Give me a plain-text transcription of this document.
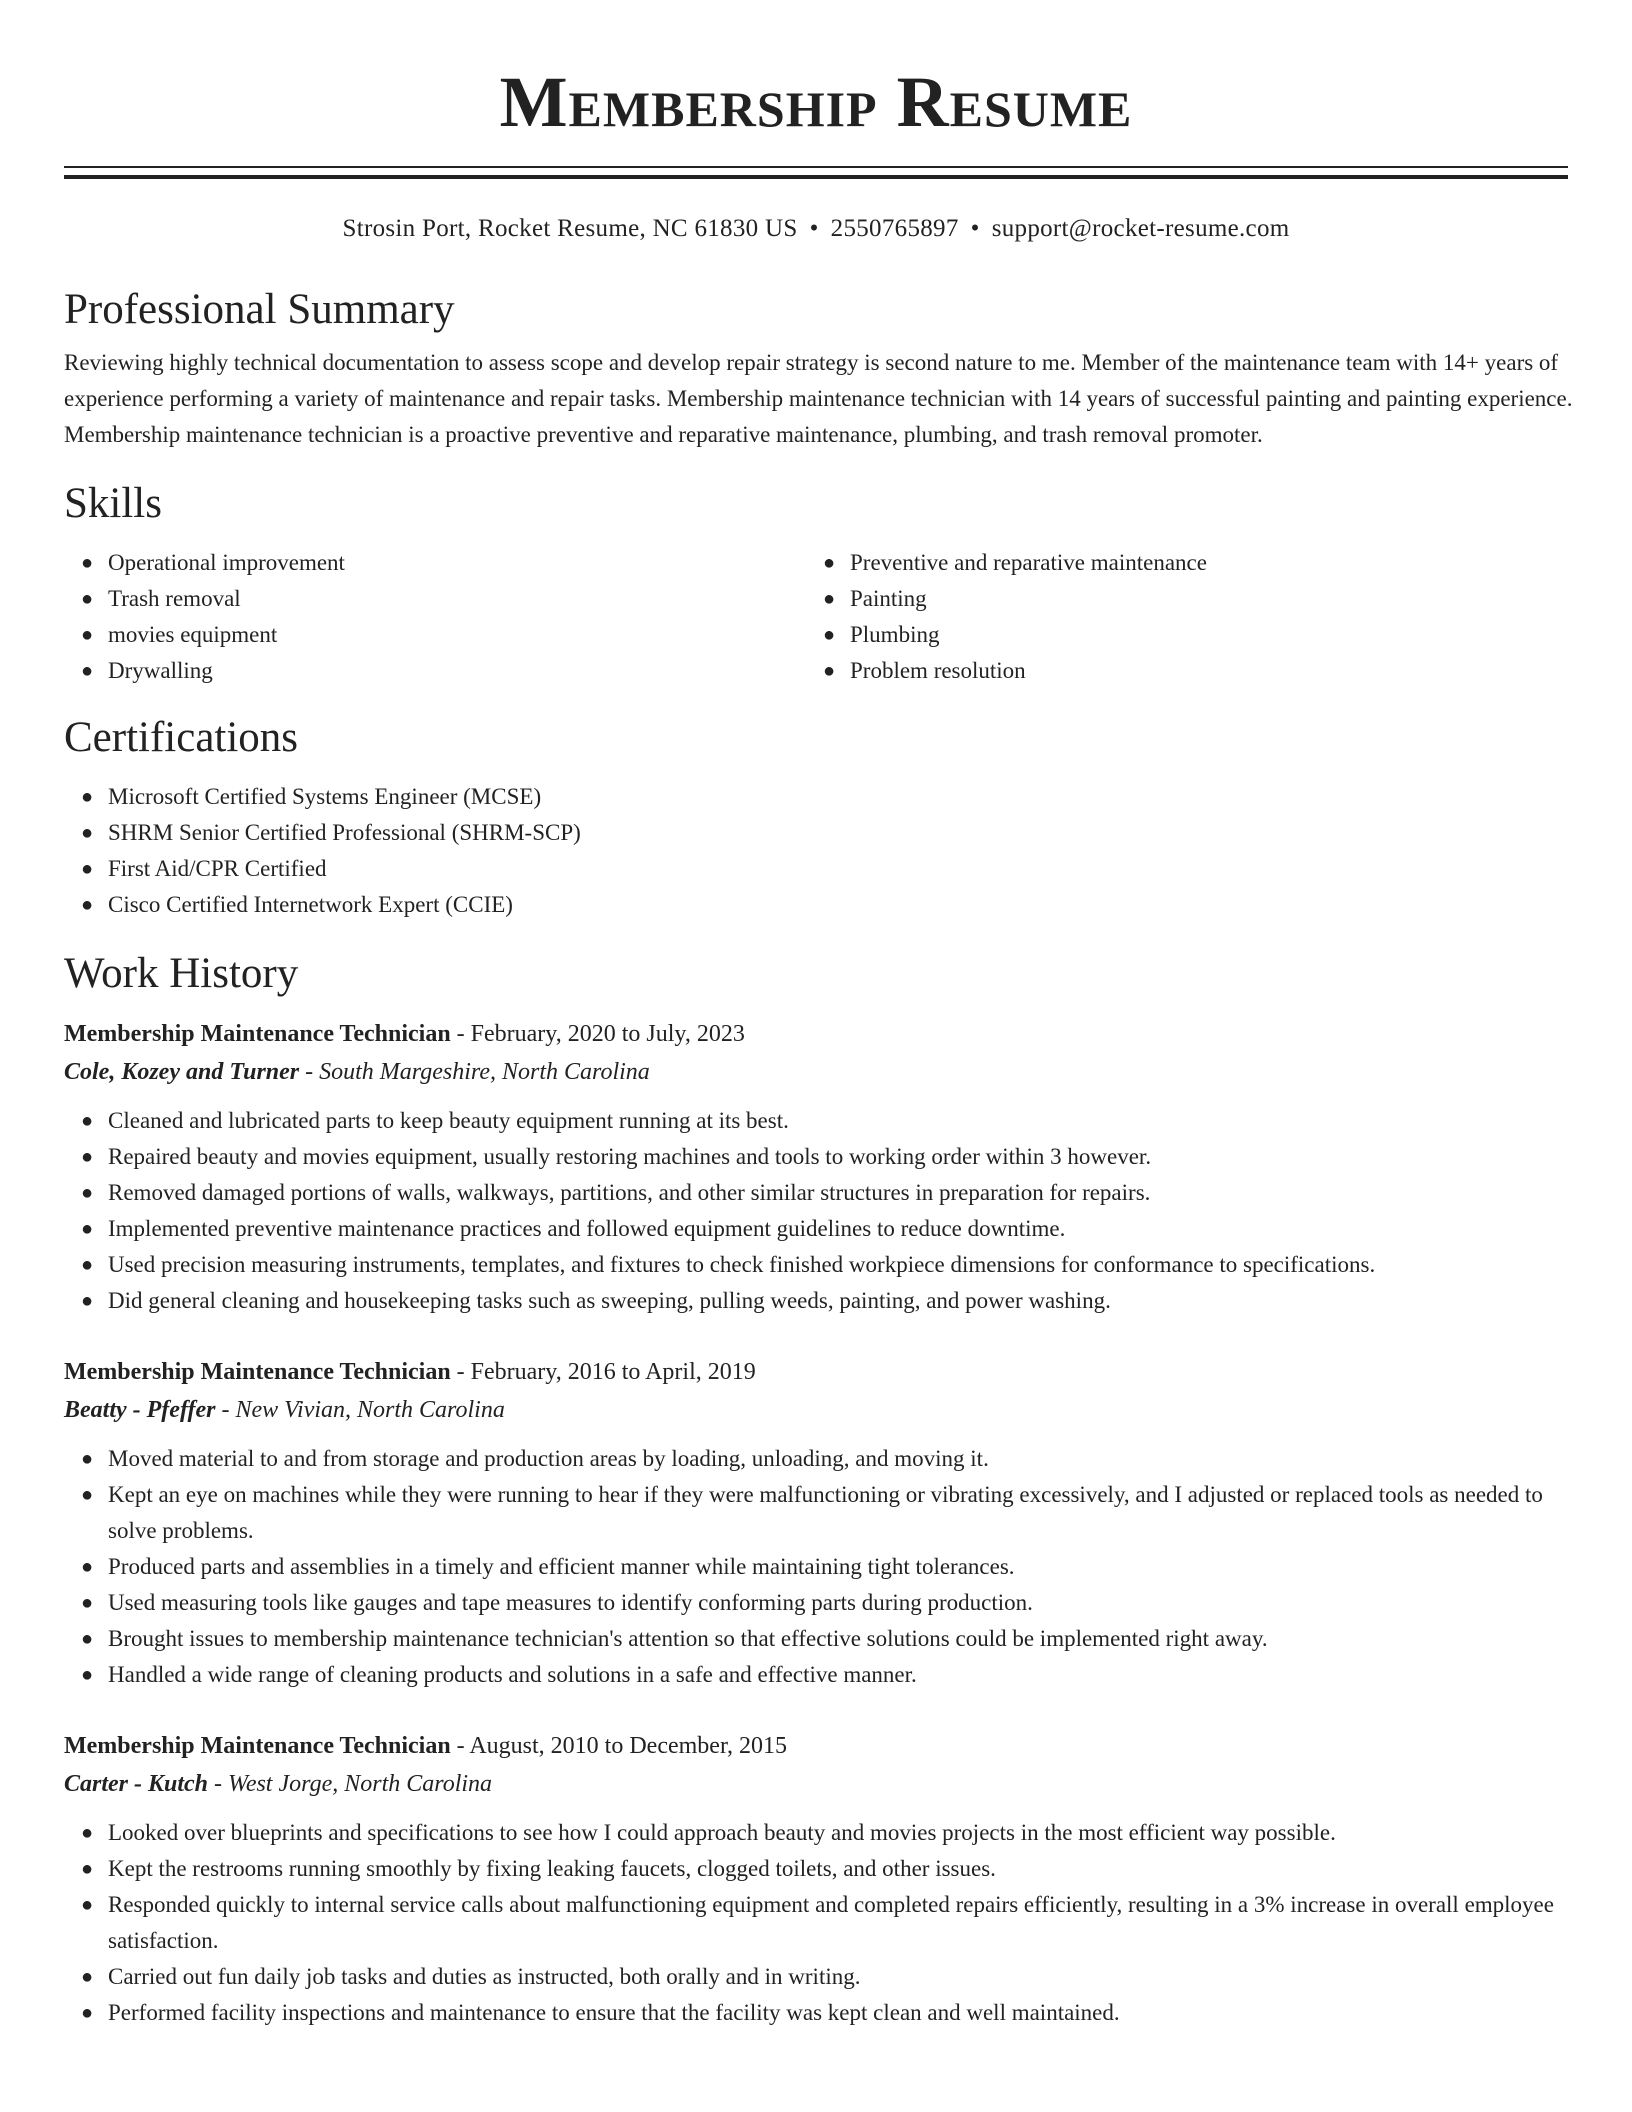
Membership Resume
Strosin Port, Rocket Resume, NC 61830 US • 2550765897 • support@rocket-resume.com
Professional Summary

Reviewing highly technical documentation to assess scope and develop repair strategy is second nature to me. Member of the maintenance team with 14+ years of experience performing a variety of maintenance and repair tasks. Membership maintenance technician with 14 years of successful painting and painting experience. Membership maintenance technician is a proactive preventive and reparative maintenance, plumbing, and trash removal promoter.

Skills
● Operational improvement
● Trash removal
● movies equipment
● Drywalling
● Preventive and reparative maintenance
● Painting
● Plumbing
● Problem resolution
Certifications
● Microsoft Certified Systems Engineer (MCSE)
● SHRM Senior Certified Professional (SHRM-SCP)
● First Aid/CPR Certified
● Cisco Certified Internetwork Expert (CCIE)
Work History
Membership Maintenance Technician - February, 2020 to July, 2023
Cole, Kozey and Turner - South Margeshire, North Carolina
● Cleaned and lubricated parts to keep beauty equipment running at its best.
● Repaired beauty and movies equipment, usually restoring machines and tools to working order within 3 however.
● Removed damaged portions of walls, walkways, partitions, and other similar structures in preparation for repairs.
● Implemented preventive maintenance practices and followed equipment guidelines to reduce downtime.
● Used precision measuring instruments, templates, and fixtures to check finished workpiece dimensions for conformance to specifications.
● Did general cleaning and housekeeping tasks such as sweeping, pulling weeds, painting, and power washing.
Membership Maintenance Technician - February, 2016 to April, 2019
Beatty - Pfeffer - New Vivian, North Carolina
● Moved material to and from storage and production areas by loading, unloading, and moving it.
● Kept an eye on machines while they were running to hear if they were malfunctioning or vibrating excessively, and I adjusted or replaced tools as needed to solve problems.
● Produced parts and assemblies in a timely and efficient manner while maintaining tight tolerances.
● Used measuring tools like gauges and tape measures to identify conforming parts during production.
● Brought issues to membership maintenance technician's attention so that effective solutions could be implemented right away.
● Handled a wide range of cleaning products and solutions in a safe and effective manner.
Membership Maintenance Technician - August, 2010 to December, 2015
Carter - Kutch - West Jorge, North Carolina
● Looked over blueprints and specifications to see how I could approach beauty and movies projects in the most efficient way possible.
● Kept the restrooms running smoothly by fixing leaking faucets, clogged toilets, and other issues.
● Responded quickly to internal service calls about malfunctioning equipment and completed repairs efficiently, resulting in a 3% increase in overall employee satisfaction.
● Carried out fun daily job tasks and duties as instructed, both orally and in writing.
● Performed facility inspections and maintenance to ensure that the facility was kept clean and well maintained.
